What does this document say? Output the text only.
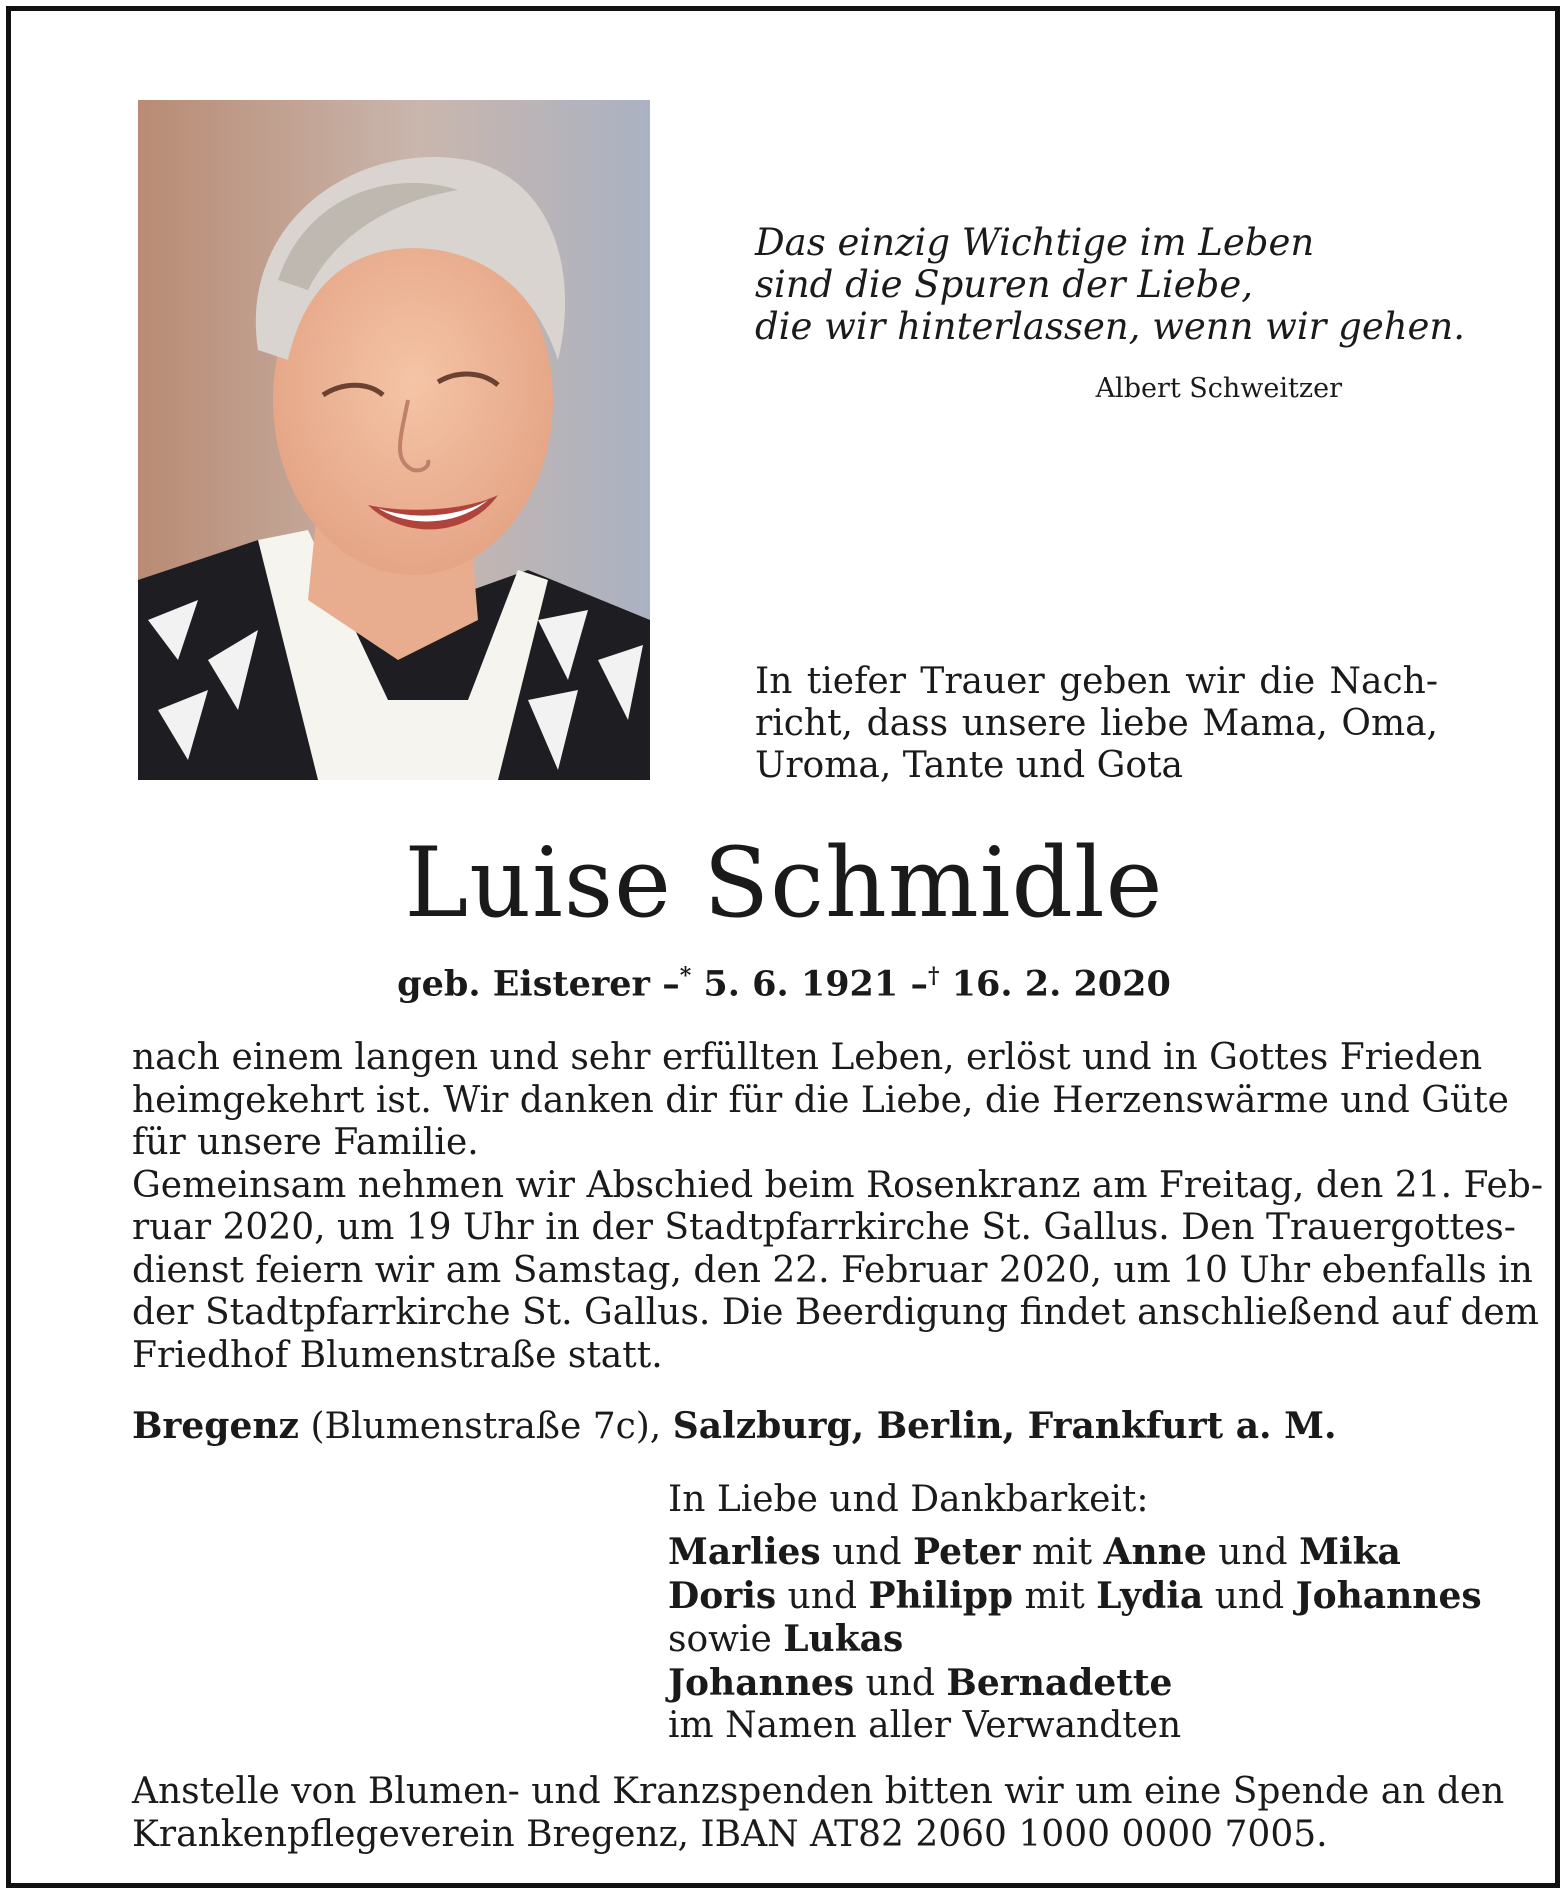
Das einzig Wichtige im Leben
sind die Spuren der Liebe,
die wir hinterlassen, wenn wir gehen.
Albert Schweitzer
In tiefer Trauer geben wir die Nach-
richt, dass unsere liebe Mama, Oma,
Uroma, Tante und Gota
Luise Schmidle
geb. Eisterer –* 5. 6. 1921 –† 16. 2. 2020
nach einem langen und sehr erfüllten Leben, erlöst und in Gottes Frieden
heimgekehrt ist. Wir danken dir für die Liebe, die Herzenswärme und Güte
für unsere Familie.
Gemeinsam nehmen wir Abschied beim Rosenkranz am Freitag, den 21. Feb-
ruar 2020, um 19 Uhr in der Stadtpfarrkirche St. Gallus. Den Trauergottes-
dienst feiern wir am Samstag, den 22. Februar 2020, um 10 Uhr ebenfalls in
der Stadtpfarrkirche St. Gallus. Die Beerdigung findet anschließend auf dem
Friedhof Blumenstraße statt.
Bregenz (Blumenstraße 7c), Salzburg, Berlin, Frankfurt a. M.
In Liebe und Dankbarkeit:
Marlies und Peter mit Anne und Mika
Doris und Philipp mit Lydia und Johannes
sowie Lukas
Johannes und Bernadette
im Namen aller Verwandten
Anstelle von Blumen- und Kranzspenden bitten wir um eine Spende an den
Krankenpflegeverein Bregenz, IBAN AT82 2060 1000 0000 7005.
